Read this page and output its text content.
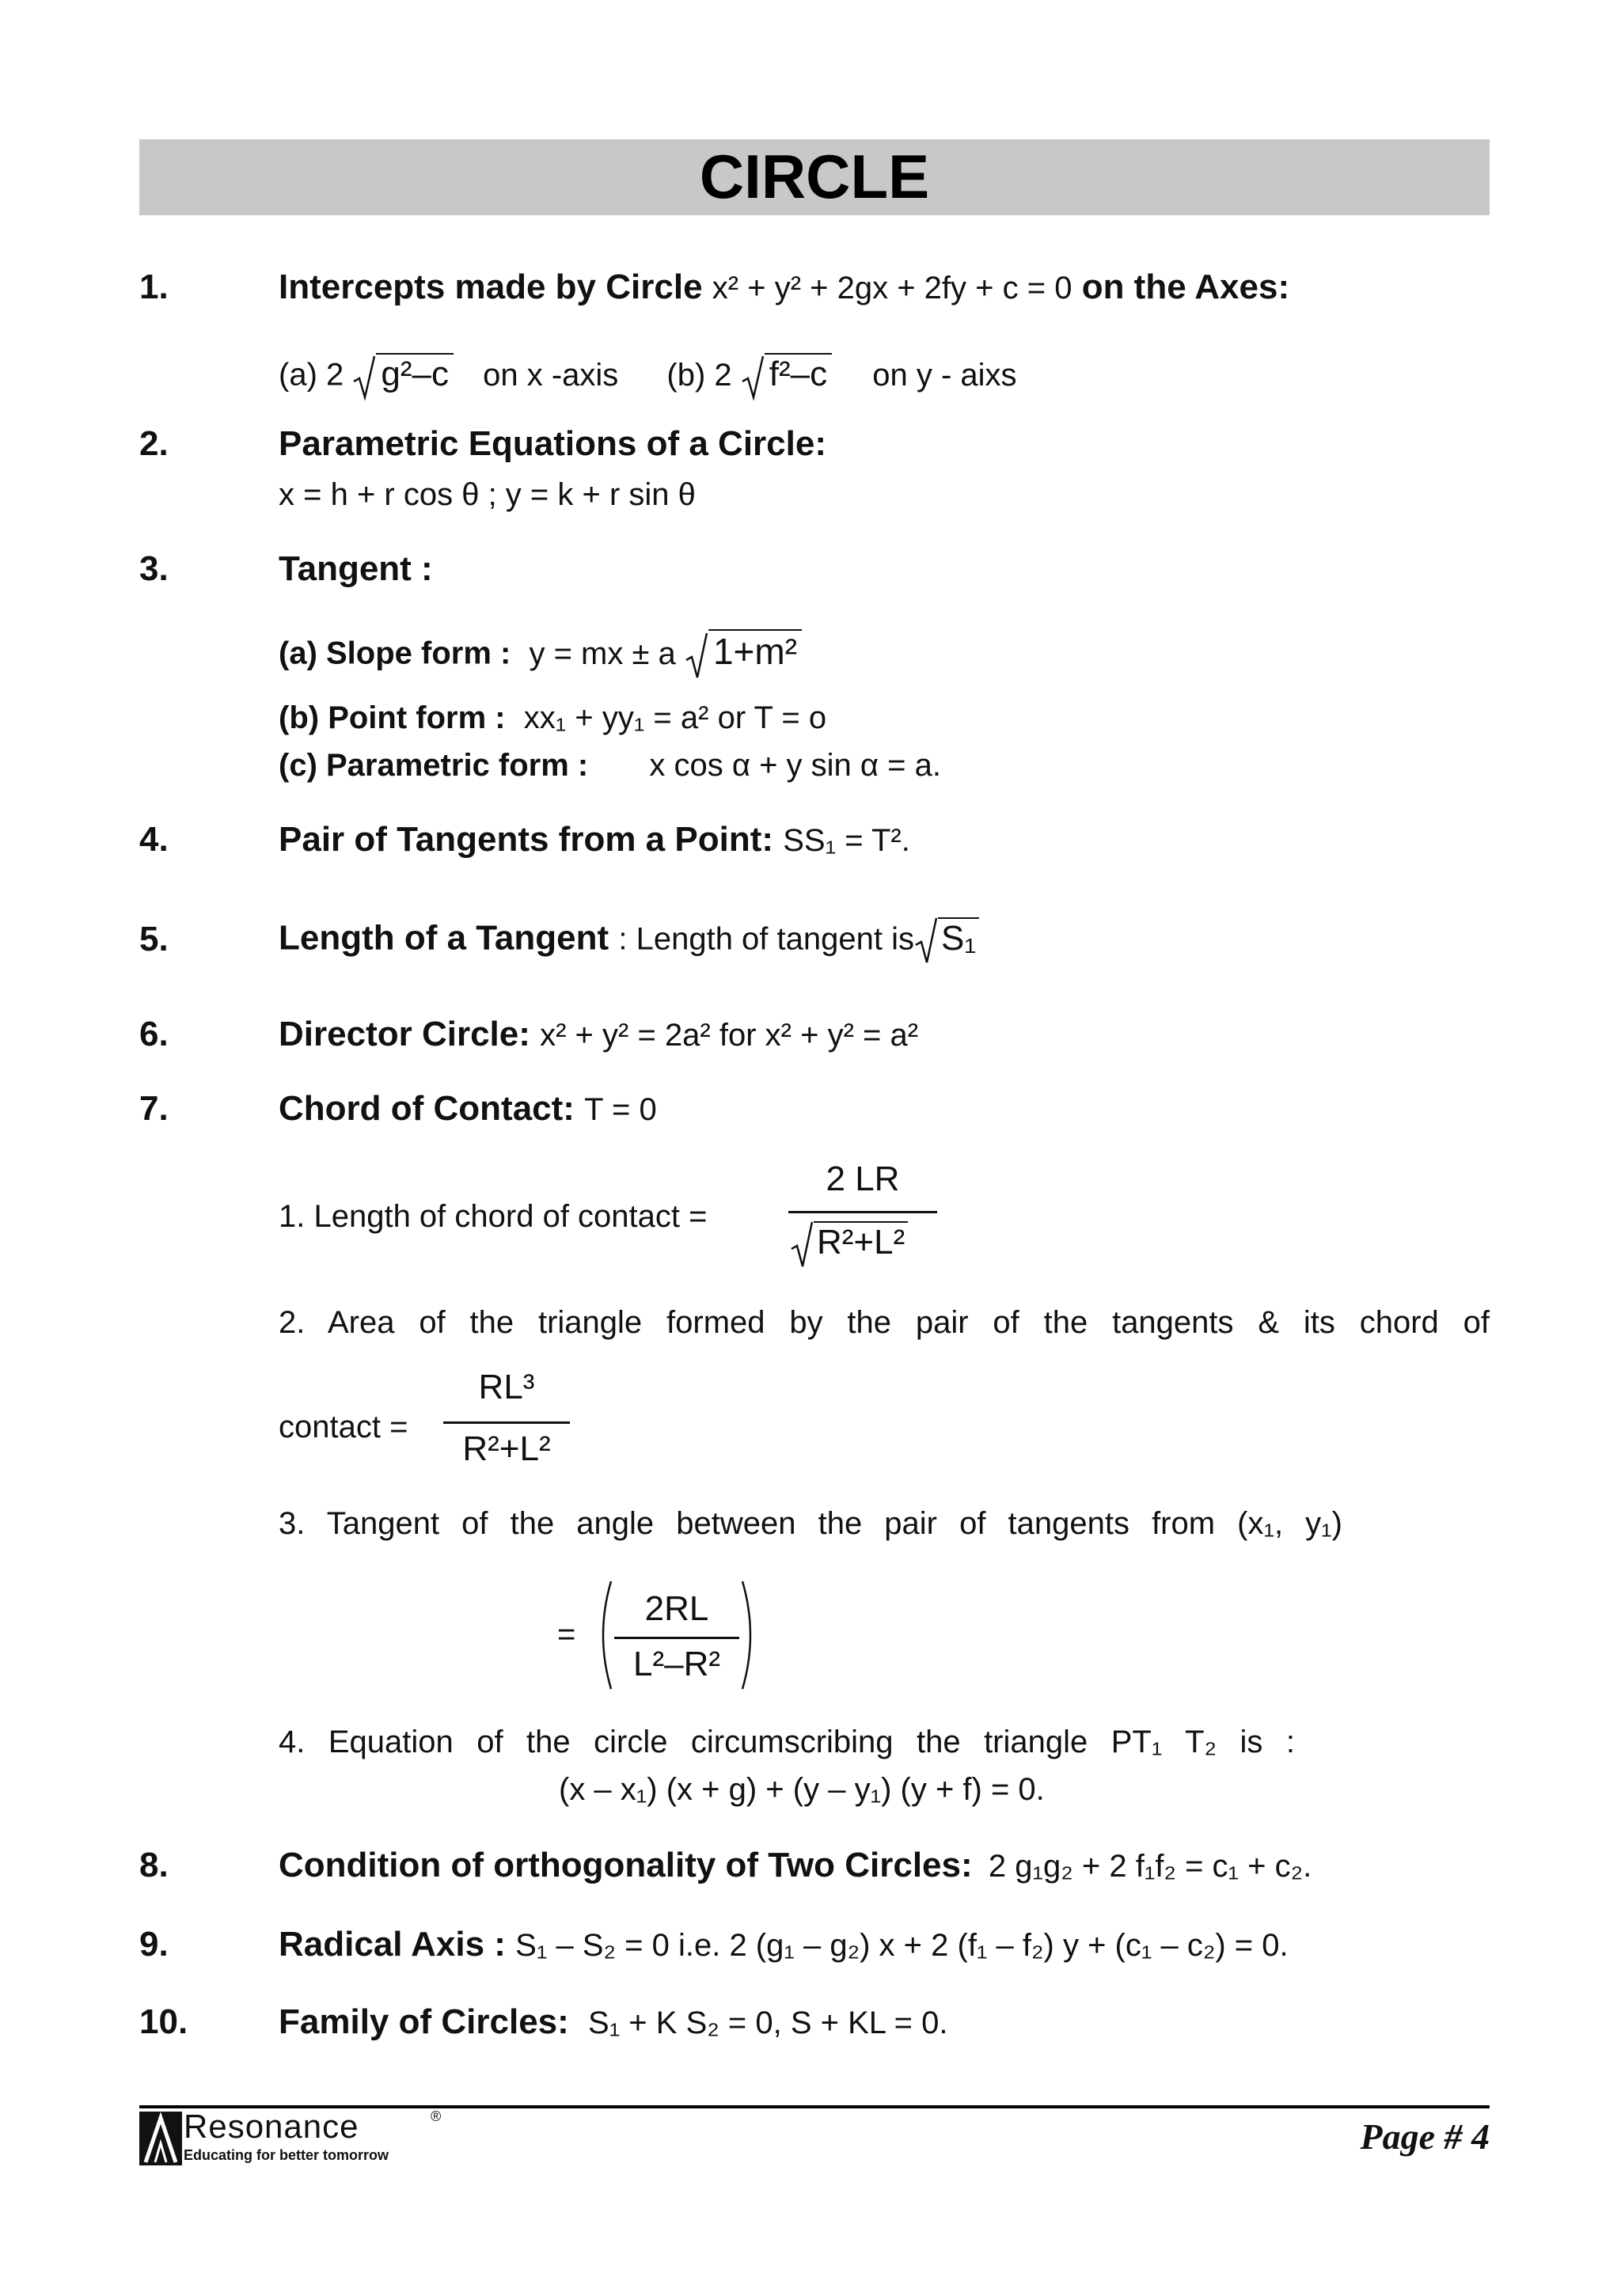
CIRCLE
1.	Intercepts made by Circle x² + y² + 2gx + 2fy + c = 0 on the Axes:
(a) 2 g²–c on x -axis (b) 2 f²–c on y - aixs
2.	Parametric Equations of a Circle:
x = h + r cos θ ; y = k + r sin θ
3.	Tangent :
(a) Slope form : y = mx ± a 1+m²
(b) Point form : xx₁ + yy₁ = a² or T = o
(c) Parametric form : x cos α + y sin α = a.
4.	Pair of Tangents from a Point: SS₁ = T².
5.	Length of a Tangent : Length of tangent is S₁
6.	Director Circle: x² + y² = 2a² for x² + y² = a²
7.	Chord of Contact: T = 0
1. Length of chord of contact =
2 LR
R²+L²
2. Area of the triangle formed by the pair of the tangents & its chord of
contact =
RL³
R²+L²
3. Tangent of the angle between the pair of tangents from (x₁, y₁)
=
2RL
L²–R²
4. Equation of the circle circumscribing the triangle PT₁ T₂ is :
(x – x₁) (x + g) + (y – y₁) (y + f) = 0.
8.	Condition of orthogonality of Two Circles: 2 g₁g₂ + 2 f₁f₂ = c₁ + c₂.
9.	Radical Axis : S₁ – S₂ = 0 i.e. 2 (g₁ – g₂) x + 2 (f₁ – f₂) y + (c₁ – c₂) = 0.
10.	Family of Circles: S₁ + K S₂ = 0, S + KL = 0.
Resonance	®
Educating for better tomorrow	Page # 4
